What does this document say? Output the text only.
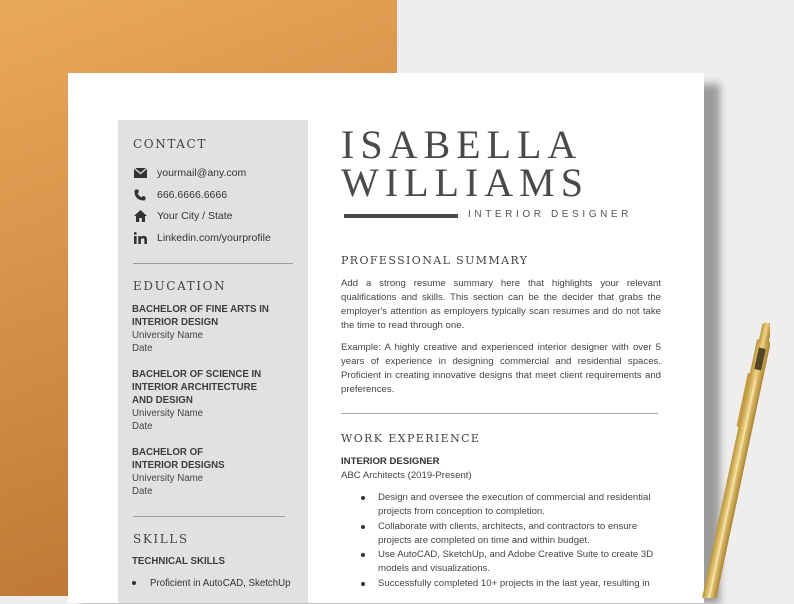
CONTACT
yourmail@any.com
666.6666.6666
Your City / State
Linkedin.com/yourprofile
EDUCATION
BACHELOR OF FINE ARTS IN INTERIOR DESIGN
University Name
Date
BACHELOR OF SCIENCE IN INTERIOR ARCHITECTURE AND DESIGN
University Name
Date
BACHELOR OF INTERIOR DESIGNS
University Name
Date
SKILLS
TECHNICAL SKILLS
Proficient in AutoCAD, SketchUp
ISABELLA
WILLIAMS
INTERIOR DESIGNER
PROFESSIONAL SUMMARY
Add a strong resume summary here that highlights your relevant qualifications and skills. This section can be the decider that grabs the employer's attention as employers typically scan resumes and do not take the time to read through one.
Example: A highly creative and experienced interior designer with over 5 years of experience in designing commercial and residential spaces. Proficient in creating innovative designs that meet client requirements and preferences.
WORK EXPERIENCE
INTERIOR DESIGNER
ABC Architects (2019-Present)
Design and oversee the execution of commercial and residential projects from conception to completion.
Collaborate with clients, architects, and contractors to ensure projects are completed on time and within budget.
Use AutoCAD, SketchUp, and Adobe Creative Suite to create 3D models and visualizations.
Successfully completed 10+ projects in the last year, resulting in
